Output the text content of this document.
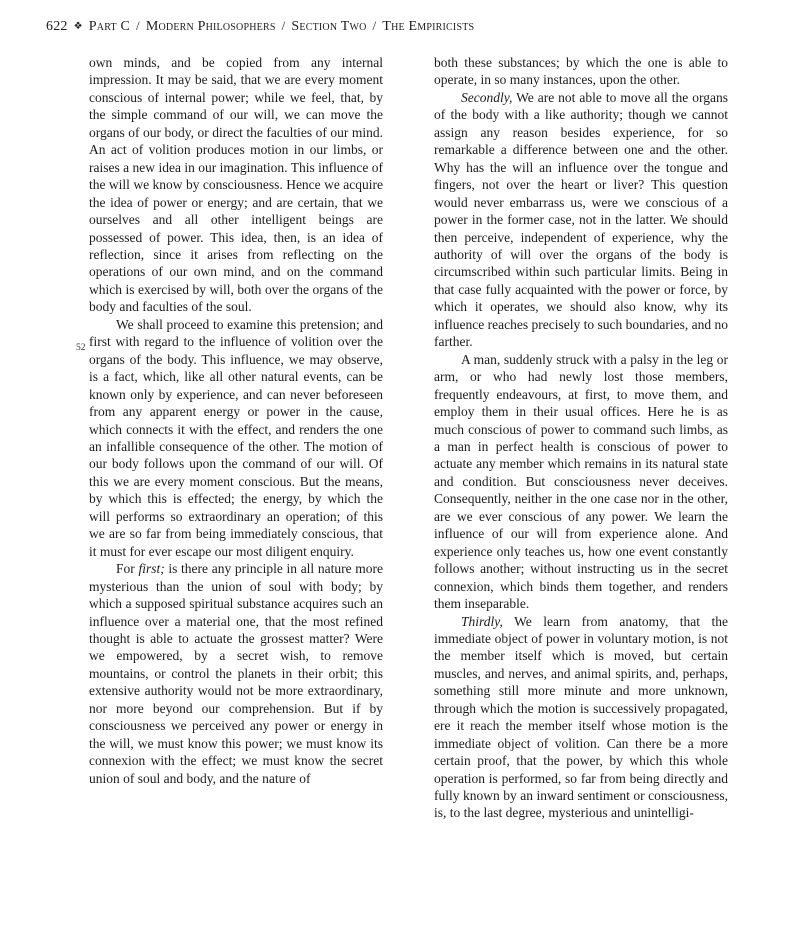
622 ❖ Part C / Modern Philosophers / Section Two / The Empiricists
52

own minds, and be copied from any internal impression. It may be said, that we are every moment conscious of internal power; while we feel, that, by the simple command of our will, we can move the organs of our body, or direct the faculties of our mind. An act of volition produces motion in our limbs, or raises a new idea in our imagination. This influence of the will we know by consciousness. Hence we acquire the idea of power or energy; and are certain, that we ourselves and all other intelligent beings are possessed of power. This idea, then, is an idea of reflection, since it arises from reflecting on the operations of our own mind, and on the command which is exercised by will, both over the organs of the body and faculties of the soul.

We shall proceed to examine this pretension; and first with regard to the influence of volition over the organs of the body. This influence, we may observe, is a fact, which, like all other natural events, can be known only by experience, and can never beforeseen from any apparent energy or power in the cause, which connects it with the effect, and renders the one an infallible consequence of the other. The motion of our body follows upon the command of our will. Of this we are every moment conscious. But the means, by which this is effected; the energy, by which the will performs so extraordinary an operation; of this we are so far from being immediately conscious, that it must for ever escape our most diligent enquiry.

For first; is there any principle in all nature more mysterious than the union of soul with body; by which a supposed spiritual substance acquires such an influence over a material one, that the most refined thought is able to actuate the grossest matter? Were we empowered, by a secret wish, to remove mountains, or control the planets in their orbit; this extensive authority would not be more extraordinary, nor more beyond our comprehension. But if by consciousness we perceived any power or energy in the will, we must know this power; we must know its connexion with the effect; we must know the secret union of soul and body, and the nature of

both these substances; by which the one is able to operate, in so many instances, upon the other.

Secondly, We are not able to move all the organs of the body with a like authority; though we cannot assign any reason besides experience, for so remarkable a difference between one and the other. Why has the will an influence over the tongue and fingers, not over the heart or liver? This question would never embarrass us, were we conscious of a power in the former case, not in the latter. We should then perceive, independent of experience, why the authority of will over the organs of the body is circumscribed within such particular limits. Being in that case fully acquainted with the power or force, by which it operates, we should also know, why its influence reaches precisely to such boundaries, and no farther.

A man, suddenly struck with a palsy in the leg or arm, or who had newly lost those members, frequently endeavours, at first, to move them, and employ them in their usual offices. Here he is as much conscious of power to command such limbs, as a man in perfect health is conscious of power to actuate any member which remains in its natural state and condition. But consciousness never deceives. Consequently, neither in the one case nor in the other, are we ever conscious of any power. We learn the influence of our will from experience alone. And experience only teaches us, how one event constantly follows another; without instructing us in the secret connexion, which binds them together, and renders them inseparable.

Thirdly, We learn from anatomy, that the immediate object of power in voluntary motion, is not the member itself which is moved, but certain muscles, and nerves, and animal spirits, and, perhaps, something still more minute and more unknown, through which the motion is successively propagated, ere it reach the member itself whose motion is the immediate object of volition. Can there be a more certain proof, that the power, by which this whole operation is performed, so far from being directly and fully known by an inward sentiment or consciousness, is, to the last degree, mysterious and unintelligi-
